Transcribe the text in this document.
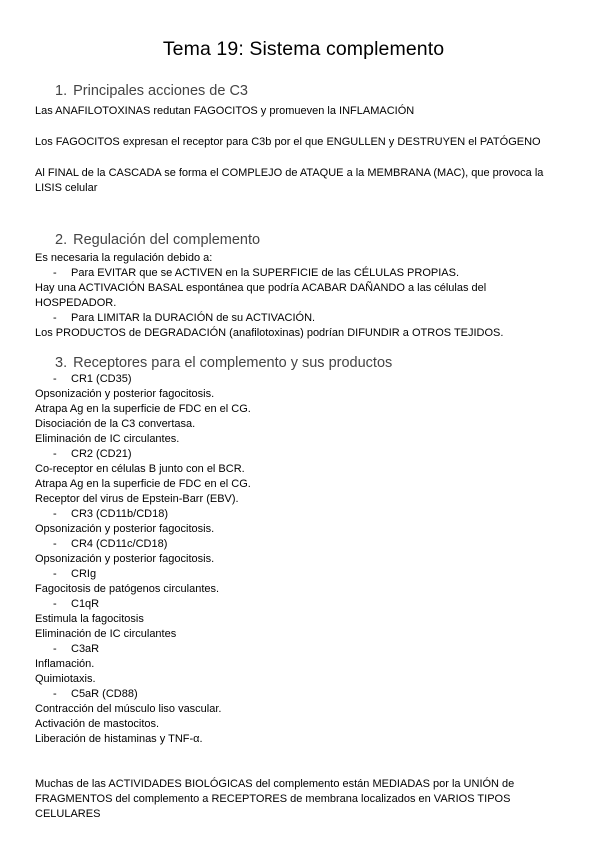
Tema 19: Sistema complemento
1. Principales acciones de C3

Las ANAFILOTOXINAS redutan FAGOCITOS y promueven la INFLAMACIÓN

Los FAGOCITOS expresan el receptor para C3b por el que ENGULLEN y DESTRUYEN el PATÓGENO

Al FINAL de la CASCADA se forma el COMPLEJO de ATAQUE a la MEMBRANA (MAC), que provoca la LISIS celular

2. Regulación del complemento

Es necesaria la regulación debido a:

- Para EVITAR que se ACTIVEN en la SUPERFICIE de las CÉLULAS PROPIAS.

Hay una ACTIVACIÓN BASAL espontánea que podría ACABAR DAÑANDO a las células del

HOSPEDADOR.

- Para LIMITAR la DURACIÓN de su ACTIVACIÓN.

Los PRODUCTOS de DEGRADACIÓN (anafilotoxinas) podrían DIFUNDIR a OTROS TEJIDOS.

3. Receptores para el complemento y sus productos

- CR1 (CD35)

Opsonización y posterior fagocitosis.

Atrapa Ag en la superficie de FDC en el CG.

Disociación de la C3 convertasa.

Eliminación de IC circulantes.

- CR2 (CD21)

Co-receptor en células B junto con el BCR.

Atrapa Ag en la superficie de FDC en el CG.

Receptor del virus de Epstein-Barr (EBV).

- CR3 (CD11b/CD18)

Opsonización y posterior fagocitosis.

- CR4 (CD11c/CD18)

Opsonización y posterior fagocitosis.

- CRIg

Fagocitosis de patógenos circulantes.

- C1qR

Estimula la fagocitosis

Eliminación de IC circulantes

- C3aR

Inflamación.

Quimiotaxis.

- C5aR (CD88)

Contracción del músculo liso vascular.

Activación de mastocitos.

Liberación de histaminas y TNF-α.

Muchas de las ACTIVIDADES BIOLÓGICAS del complemento están MEDIADAS por la UNIÓN de FRAGMENTOS del complemento a RECEPTORES de membrana localizados en VARIOS TIPOS CELULARES
